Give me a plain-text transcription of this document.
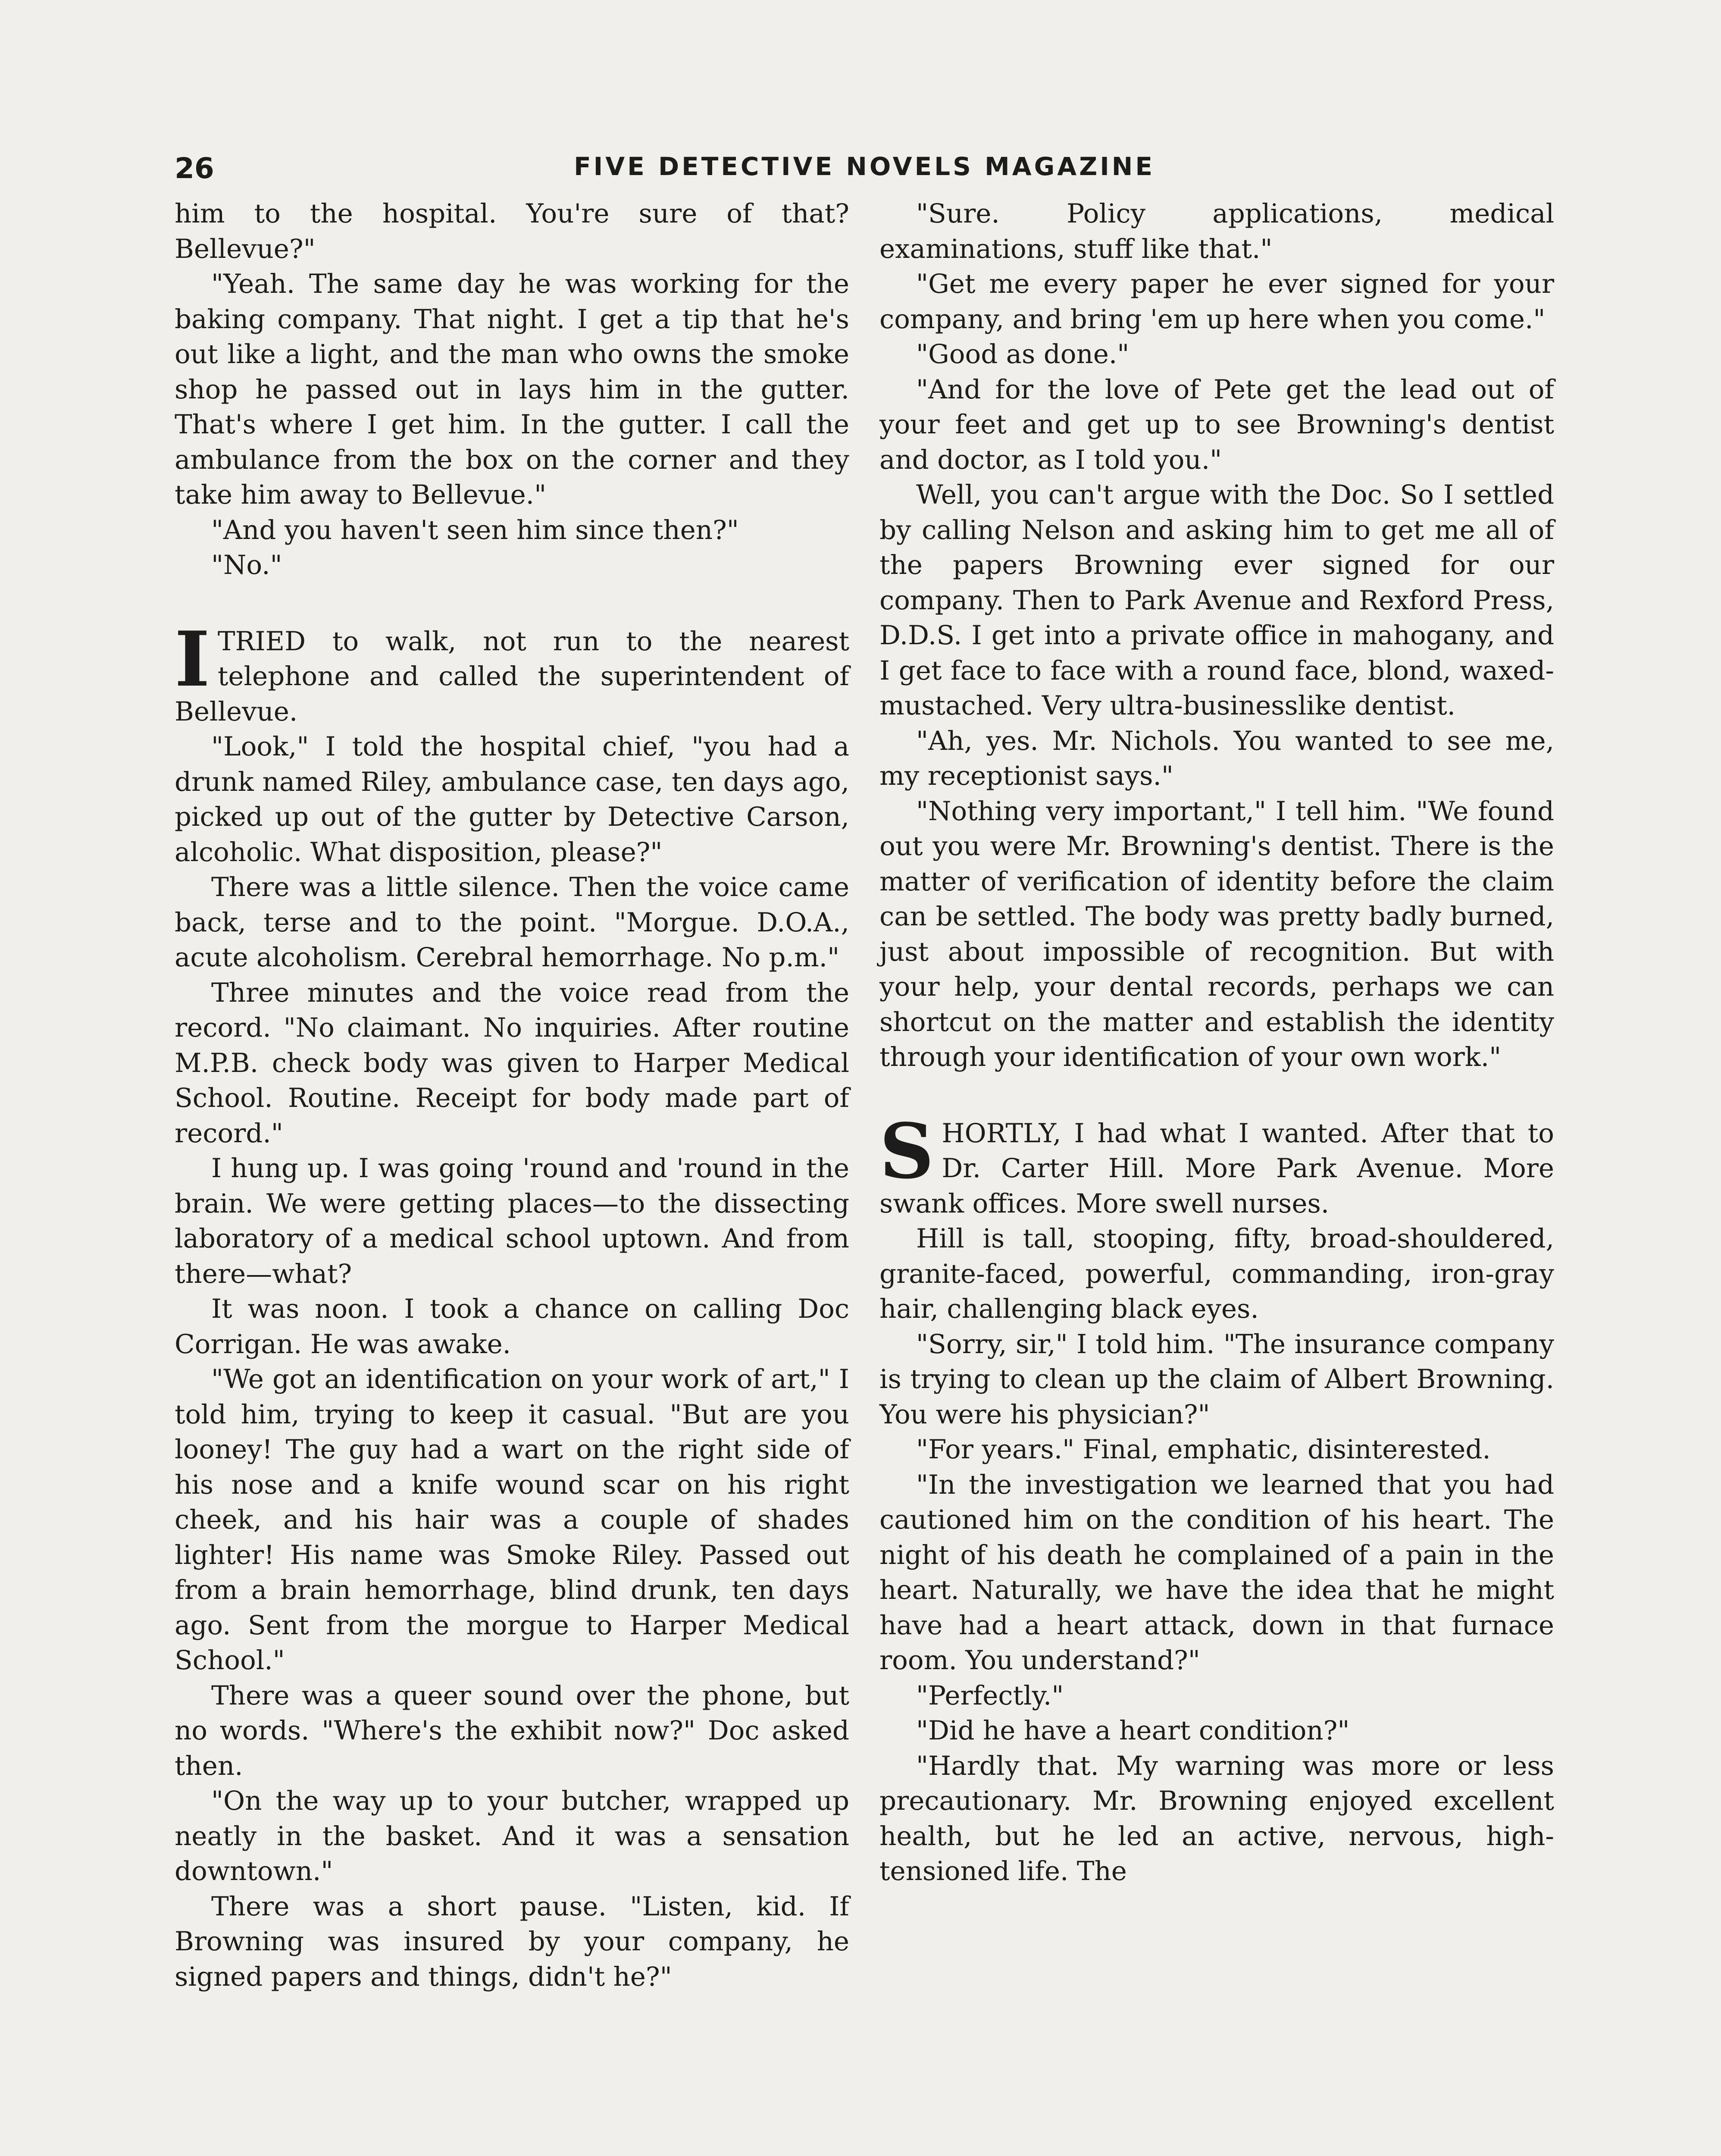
26	FIVE DETECTIVE NOVELS MAGAZINE

him to the hospital. You're sure of that? Bellevue?"

"Yeah. The same day he was working for the baking company. That night. I get a tip that he's out like a light, and the man who owns the smoke shop he passed out in lays him in the gutter. That's where I get him. In the gutter. I call the ambulance from the box on the corner and they take him away to Bellevue."

"And you haven't seen him since then?"

"No."

ITRIED to walk, not run to the nearest telephone and called the superintendent of Bellevue.

"Look," I told the hospital chief, "you had a drunk named Riley, ambulance case, ten days ago, picked up out of the gutter by Detective Carson, alcoholic. What disposition, please?"

There was a little silence. Then the voice came back, terse and to the point. "Morgue. D.O.A., acute alcoholism. Cerebral hemorrhage. No p.m."

Three minutes and the voice read from the record. "No claimant. No inquiries. After routine M.P.B. check body was given to Harper Medical School. Routine. Receipt for body made part of record."

I hung up. I was going 'round and 'round in the brain. We were getting places—to the dissecting laboratory of a medical school uptown. And from there—what?

It was noon. I took a chance on calling Doc Corrigan. He was awake.

"We got an identification on your work of art," I told him, trying to keep it casual. "But are you looney! The guy had a wart on the right side of his nose and a knife wound scar on his right cheek, and his hair was a couple of shades lighter! His name was Smoke Riley. Passed out from a brain hemorrhage, blind drunk, ten days ago. Sent from the morgue to Harper Medical School."

There was a queer sound over the phone, but no words. "Where's the exhibit now?" Doc asked then.

"On the way up to your butcher, wrapped up neatly in the basket. And it was a sensation downtown."

There was a short pause. "Listen, kid. If Browning was insured by your company, he signed papers and things, didn't he?"

"Sure. Policy applications, medical examinations, stuff like that."

"Get me every paper he ever signed for your company, and bring 'em up here when you come."

"Good as done."

"And for the love of Pete get the lead out of your feet and get up to see Browning's dentist and doctor, as I told you."

Well, you can't argue with the Doc. So I settled by calling Nelson and asking him to get me all of the papers Browning ever signed for our company. Then to Park Avenue and Rexford Press, D.D.S. I get into a private office in mahogany, and I get face to face with a round face, blond, waxed-mustached. Very ultra-businesslike dentist.

"Ah, yes. Mr. Nichols. You wanted to see me, my receptionist says."

"Nothing very important," I tell him. "We found out you were Mr. Browning's dentist. There is the matter of verification of identity before the claim can be settled. The body was pretty badly burned, just about impossible of recognition. But with your help, your dental records, perhaps we can shortcut on the matter and establish the identity through your identification of your own work."

SHORTLY, I had what I wanted. After that to Dr. Carter Hill. More Park Avenue. More swank offices. More swell nurses.

Hill is tall, stooping, fifty, broad-shouldered, granite-faced, powerful, commanding, iron-gray hair, challenging black eyes.

"Sorry, sir," I told him. "The insurance company is trying to clean up the claim of Albert Browning. You were his physician?"

"For years." Final, emphatic, disinterested.

"In the investigation we learned that you had cautioned him on the condition of his heart. The night of his death he complained of a pain in the heart. Naturally, we have the idea that he might have had a heart attack, down in that furnace room. You understand?"

"Perfectly."

"Did he have a heart condition?"

"Hardly that. My warning was more or less precautionary. Mr. Browning enjoyed excellent health, but he led an active, nervous, high-tensioned life. The
